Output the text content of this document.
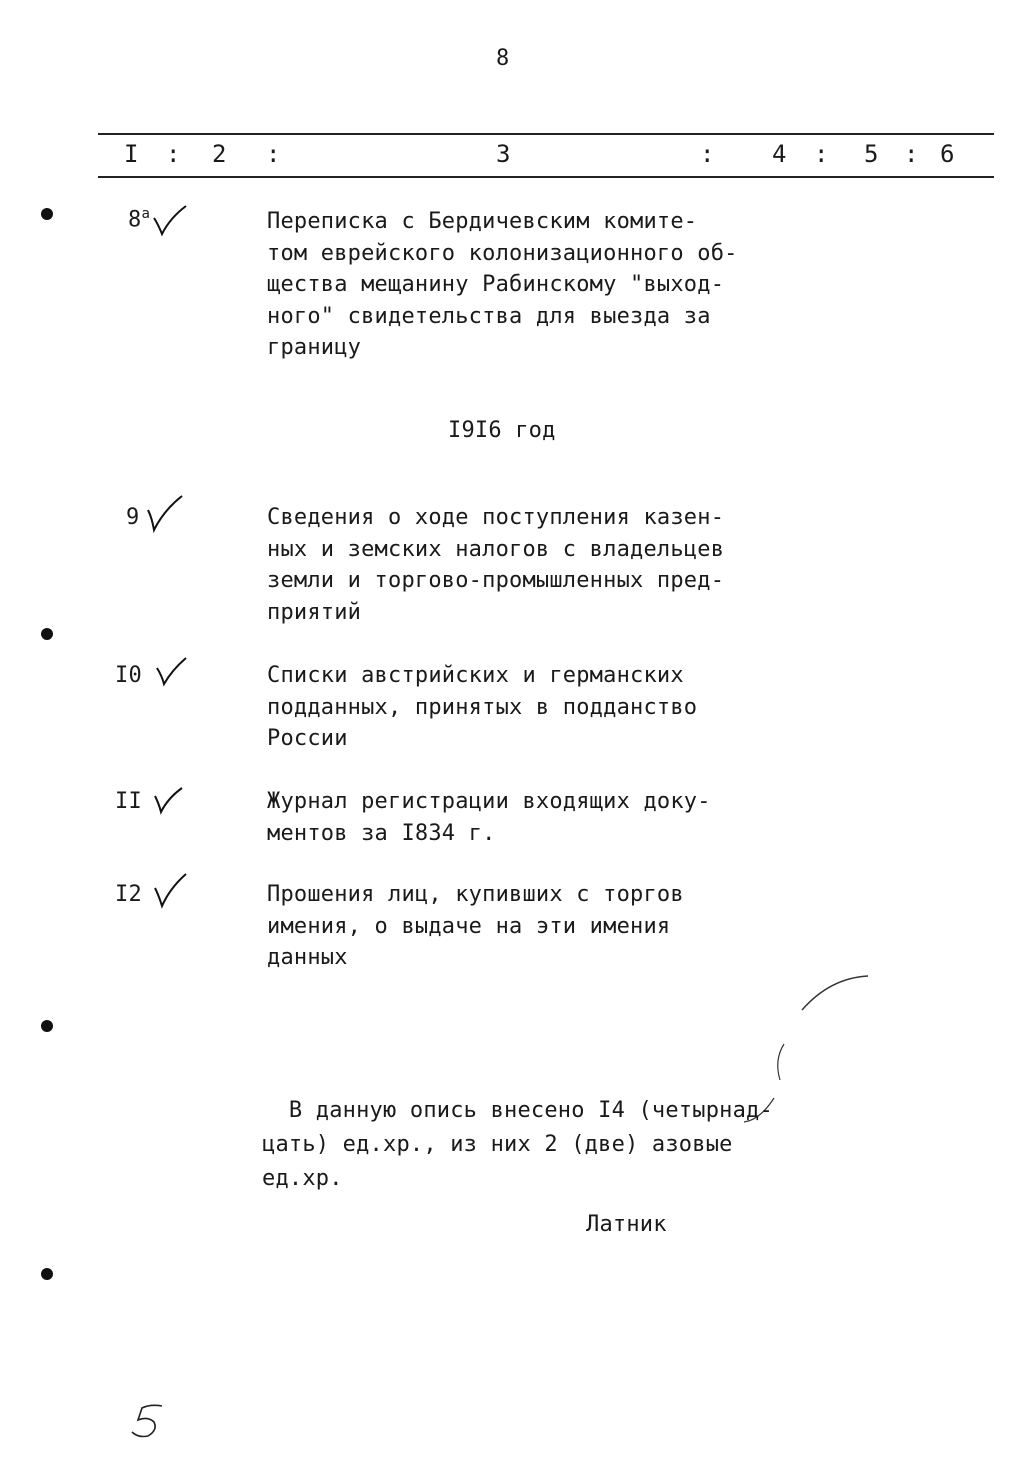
8
I : 2 :	3	: 4 : 5 : 6
$8^а$	Переписка с Бердичевским комите-
том еврейского колонизационного об-
щества мещанину Рабинскому "выход-
ного" свидетельства для выезда за
границу
I9I6 год
9	Сведения о ходе поступления казен-
ных и земских налогов с владельцев
земли и торгово-промышленных пред-
приятий
I0	Списки австрийских и германских
подданных, принятых в подданство
России
II	Журнал регистрации входящих доку-
ментов за I834 г.
I2	Прошения лиц, купивших с торгов
имения, о выдаче на эти имения
данных
В данную опись внесено I4 (четырнад-
цать) ед.хр., из них 2 (две) азовые
ед.хр.
Латник
